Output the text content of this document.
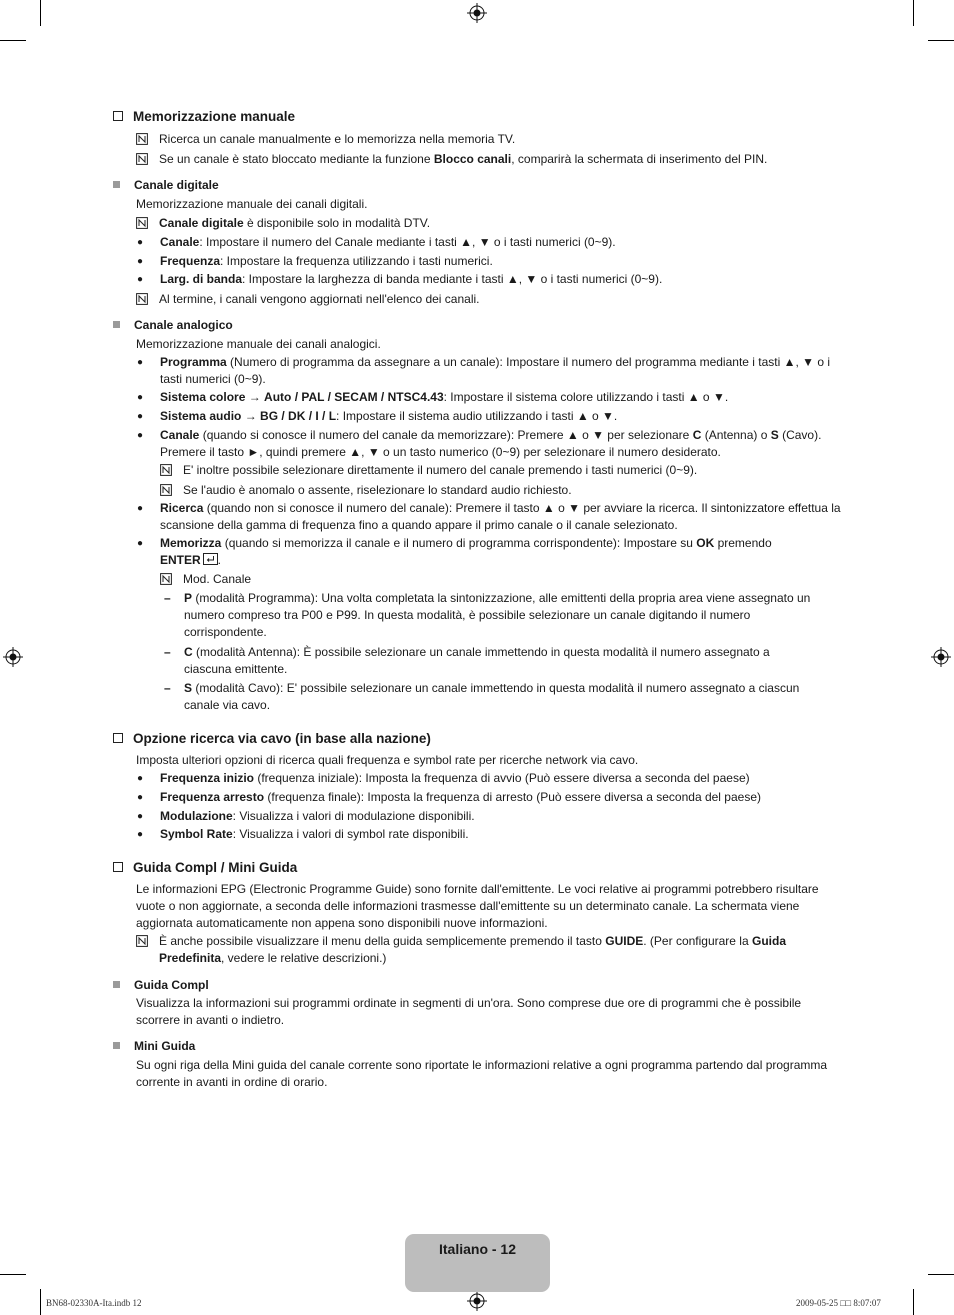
Memorizzazione manuale
Ricerca un canale manualmente e lo memorizza nella memoria TV.
Se un canale è stato bloccato mediante la funzione Blocco canali, comparirà la schermata di inserimento del PIN.
Canale digitale
Memorizzazione manuale dei canali digitali.
Canale digitale è disponibile solo in modalità DTV.
● Canale: Impostare il numero del Canale mediante i tasti ▲, ▼ o i tasti numerici (0~9).
● Frequenza: Impostare la frequenza utilizzando i tasti numerici.
● Larg. di banda: Impostare la larghezza di banda mediante i tasti ▲, ▼ o i tasti numerici (0~9).
Al termine, i canali vengono aggiornati nell'elenco dei canali.
Canale analogico
Memorizzazione manuale dei canali analogici.
● Programma (Numero di programma da assegnare a un canale): Impostare il numero del programma mediante i tasti ▲, ▼ o i tasti numerici (0~9).
● Sistema colore → Auto / PAL / SECAM / NTSC4.43: Impostare il sistema colore utilizzando i tasti ▲ o ▼.
● Sistema audio → BG / DK / I / L: Impostare il sistema audio utilizzando i tasti ▲ o ▼.
● Canale (quando si conosce il numero del canale da memorizzare): Premere ▲ o ▼ per selezionare C (Antenna) o S (Cavo). Premere il tasto ►, quindi premere ▲, ▼ o un tasto numerico (0~9) per selezionare il numero desiderato.
E' inoltre possibile selezionare direttamente il numero del canale premendo i tasti numerici (0~9).
Se l'audio è anomalo o assente, riselezionare lo standard audio richiesto.
● Ricerca (quando non si conosce il numero del canale): Premere il tasto ▲ o ▼ per avviare la ricerca. Il sintonizzatore effettua la scansione della gamma di frequenza fino a quando appare il primo canale o il canale selezionato.
● Memorizza (quando si memorizza il canale e il numero di programma corrispondente): Impostare su OK premendo
ENTER .
Mod. Canale
– P (modalità Programma): Una volta completata la sintonizzazione, alle emittenti della propria area viene assegnato un numero compreso tra P00 e P99. In questa modalità, è possibile selezionare un canale digitando il numero corrispondente.
– C (modalità Antenna): È possibile selezionare un canale immettendo in questa modalità il numero assegnato a ciascuna emittente.
– S (modalità Cavo): E' possibile selezionare un canale immettendo in questa modalità il numero assegnato a ciascun canale via cavo.
Opzione ricerca via cavo (in base alla nazione)
Imposta ulteriori opzioni di ricerca quali frequenza e symbol rate per ricerche network via cavo.
● Frequenza inizio (frequenza iniziale): Imposta la frequenza di avvio (Può essere diversa a seconda del paese)
● Frequenza arresto (frequenza finale): Imposta la frequenza di arresto (Può essere diversa a seconda del paese)
● Modulazione: Visualizza i valori di modulazione disponibili.
● Symbol Rate: Visualizza i valori di symbol rate disponibili.
Guida Compl / Mini Guida
Le informazioni EPG (Electronic Programme Guide) sono fornite dall'emittente. Le voci relative ai programmi potrebbero risultare vuote o non aggiornate, a seconda delle informazioni trasmesse dall'emittente su un determinato canale. La schermata viene aggiornata automaticamente non appena sono disponibili nuove informazioni.
È anche possibile visualizzare il menu della guida semplicemente premendo il tasto GUIDE. (Per configurare la Guida Predefinita, vedere le relative descrizioni.)
Guida Compl
Visualizza la informazioni sui programmi ordinate in segmenti di un'ora. Sono comprese due ore di programmi che è possibile scorrere in avanti o indietro.
Mini Guida
Su ogni riga della Mini guida del canale corrente sono riportate le informazioni relative a ogni programma partendo dal programma corrente in avanti in ordine di orario.
Italiano - 12
BN68-02330A-Ita.indb 12	2009-05-25 □□ 8:07:07
